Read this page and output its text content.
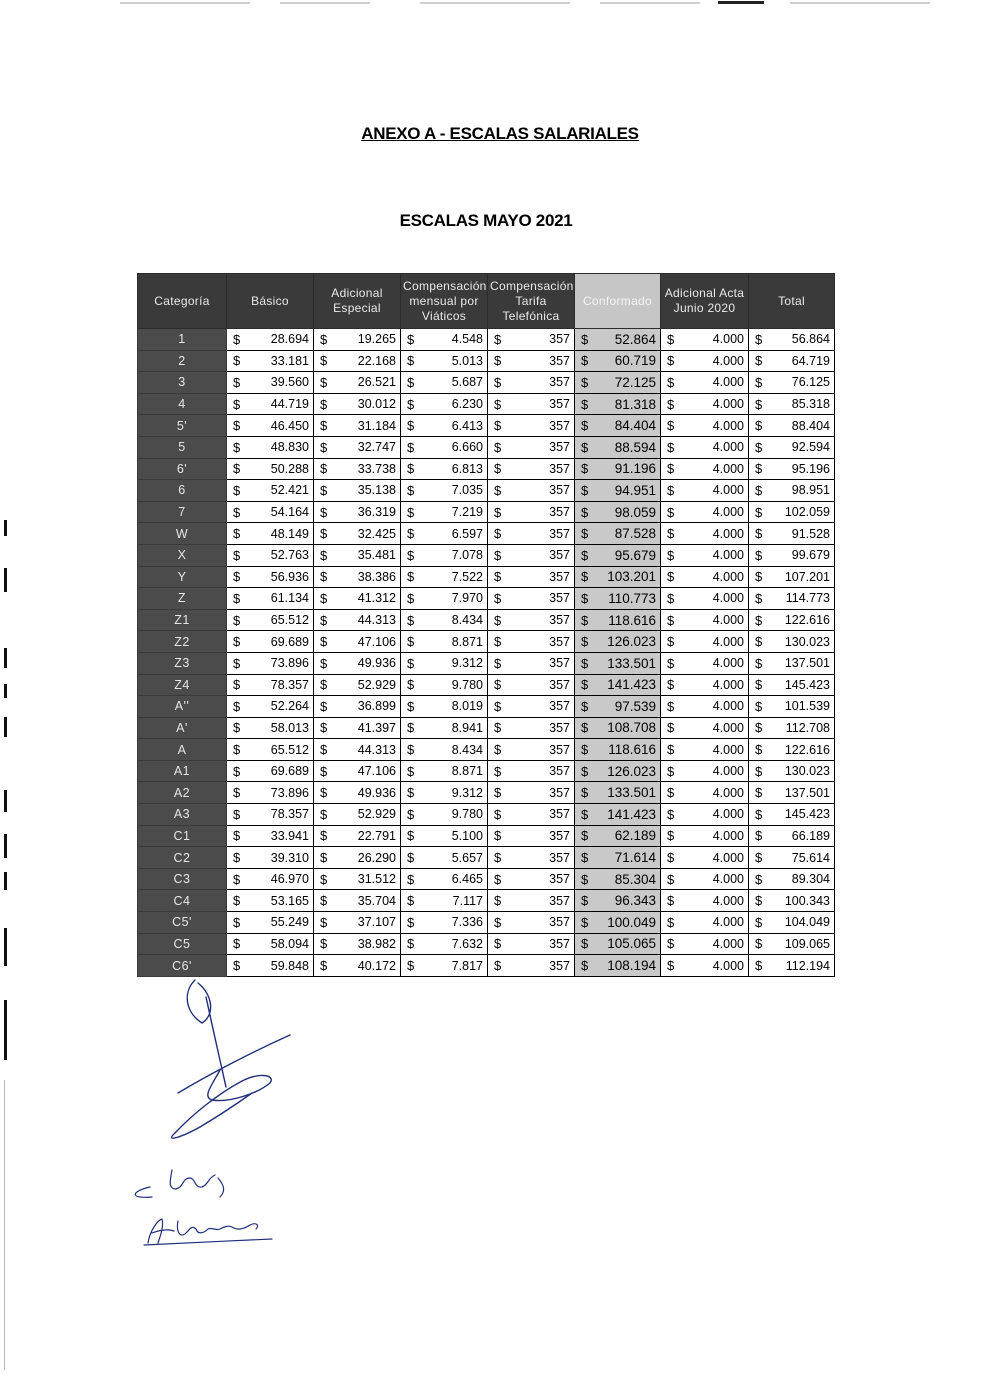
ANEXO A - ESCALAS SALARIALES
ESCALAS MAYO 2021
Categoría	Básico	Adicional Especial	Compensación mensual por Viáticos	Compensación Tarifa Telefónica	Conformado	Adicional Acta Junio 2020	Total
1	$ 28.694	$ 19.265	$ 4.548	$ 357	$ 52.864	$ 4.000	$ 56.864

2	$ 33.181	$ 22.168	$ 5.013	$ 357	$ 60.719	$ 4.000	$ 64.719

3	$ 39.560	$ 26.521	$ 5.687	$ 357	$ 72.125	$ 4.000	$ 76.125

4	$ 44.719	$ 30.012	$ 6.230	$ 357	$ 81.318	$ 4.000	$ 85.318

5'	$ 46.450	$ 31.184	$ 6.413	$ 357	$ 84.404	$ 4.000	$ 88.404

5	$ 48.830	$ 32.747	$ 6.660	$ 357	$ 88.594	$ 4.000	$ 92.594

6'	$ 50.288	$ 33.738	$ 6.813	$ 357	$ 91.196	$ 4.000	$ 95.196

6	$ 52.421	$ 35.138	$ 7.035	$ 357	$ 94.951	$ 4.000	$ 98.951

7	$ 54.164	$ 36.319	$ 7.219	$ 357	$ 98.059	$ 4.000	$ 102.059

W	$ 48.149	$ 32.425	$ 6.597	$ 357	$ 87.528	$ 4.000	$ 91.528

X	$ 52.763	$ 35.481	$ 7.078	$ 357	$ 95.679	$ 4.000	$ 99.679

Y	$ 56.936	$ 38.386	$ 7.522	$ 357	$ 103.201	$ 4.000	$ 107.201

Z	$ 61.134	$ 41.312	$ 7.970	$ 357	$ 110.773	$ 4.000	$ 114.773

Z1	$ 65.512	$ 44.313	$ 8.434	$ 357	$ 118.616	$ 4.000	$ 122.616

Z2	$ 69.689	$ 47.106	$ 8.871	$ 357	$ 126.023	$ 4.000	$ 130.023

Z3	$ 73.896	$ 49.936	$ 9.312	$ 357	$ 133.501	$ 4.000	$ 137.501

Z4	$ 78.357	$ 52.929	$ 9.780	$ 357	$ 141.423	$ 4.000	$ 145.423

A''	$ 52.264	$ 36.899	$ 8.019	$ 357	$ 97.539	$ 4.000	$ 101.539

A'	$ 58.013	$ 41.397	$ 8.941	$ 357	$ 108.708	$ 4.000	$ 112.708

A	$ 65.512	$ 44.313	$ 8.434	$ 357	$ 118.616	$ 4.000	$ 122.616

A1	$ 69.689	$ 47.106	$ 8.871	$ 357	$ 126.023	$ 4.000	$ 130.023

A2	$ 73.896	$ 49.936	$ 9.312	$ 357	$ 133.501	$ 4.000	$ 137.501

A3	$ 78.357	$ 52.929	$ 9.780	$ 357	$ 141.423	$ 4.000	$ 145.423

C1	$ 33.941	$ 22.791	$ 5.100	$ 357	$ 62.189	$ 4.000	$ 66.189

C2	$ 39.310	$ 26.290	$ 5.657	$ 357	$ 71.614	$ 4.000	$ 75.614

C3	$ 46.970	$ 31.512	$ 6.465	$ 357	$ 85.304	$ 4.000	$ 89.304

C4	$ 53.165	$ 35.704	$ 7.117	$ 357	$ 96.343	$ 4.000	$ 100.343

C5'	$ 55.249	$ 37.107	$ 7.336	$ 357	$ 100.049	$ 4.000	$ 104.049

C5	$ 58.094	$ 38.982	$ 7.632	$ 357	$ 105.065	$ 4.000	$ 109.065

C6'	$ 59.848	$ 40.172	$ 7.817	$ 357	$ 108.194	$ 4.000	$ 112.194
